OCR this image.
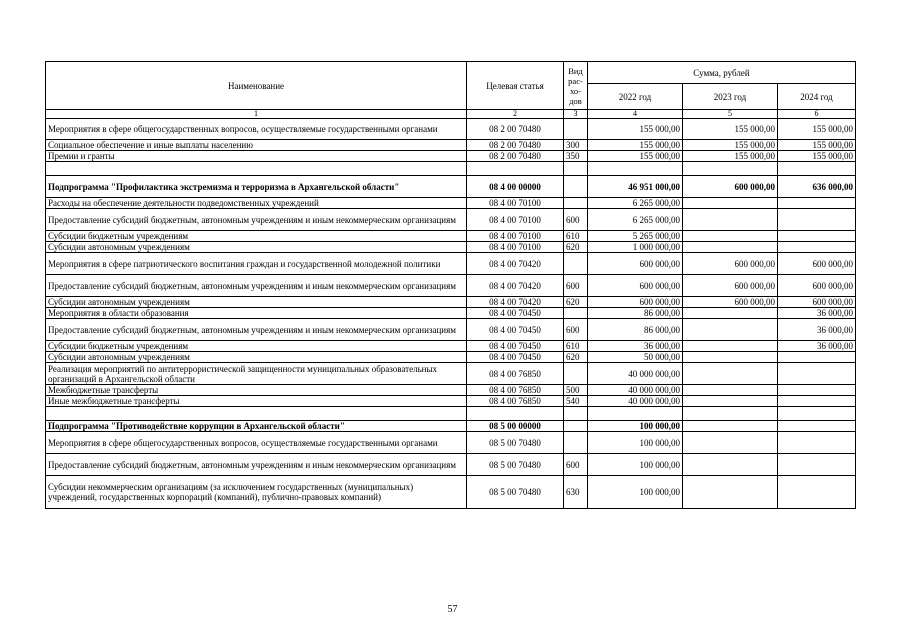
Наименование	Целевая статья	Вид рас- хо- дов	Сумма, рублей		
			2022 год	2023 год	2024 год
1	2	3	4	5	6
Мероприятия в сфере общегосударственных вопросов, осуществляемые государственными органами	08 2 00 70480		155 000,00	155 000,00	155 000,00
Социальное обеспечение и иные выплаты населению	08 2 00 70480	300	155 000,00	155 000,00	155 000,00
Премии и гранты	08 2 00 70480	350	155 000,00	155 000,00	155 000,00

Подпрограмма "Профилактика экстремизма и терроризма в Архангельской области"	08 4 00 00000		46 951 000,00	600 000,00	636 000,00
Расходы на обеспечение деятельности подведомственных учреждений	08 4 00 70100		6 265 000,00		
Предоставление субсидий бюджетным, автономным учреждениям и иным некоммерческим организациям	08 4 00 70100	600	6 265 000,00		
Субсидии бюджетным учреждениям	08 4 00 70100	610	5 265 000,00		
Субсидии автономным учреждениям	08 4 00 70100	620	1 000 000,00		
Мероприятия в сфере патриотического воспитания граждан и государственной молодежной политики	08 4 00 70420		600 000,00	600 000,00	600 000,00
Предоставление субсидий бюджетным, автономным учреждениям и иным некоммерческим организациям	08 4 00 70420	600	600 000,00	600 000,00	600 000,00
Субсидии автономным учреждениям	08 4 00 70420	620	600 000,00	600 000,00	600 000,00
Мероприятия в области образования	08 4 00 70450		86 000,00		36 000,00
Предоставление субсидий бюджетным, автономным учреждениям и иным некоммерческим организациям	08 4 00 70450	600	86 000,00		36 000,00
Субсидии бюджетным учреждениям	08 4 00 70450	610	36 000,00		36 000,00
Субсидии автономным учреждениям	08 4 00 70450	620	50 000,00		
Реализация мероприятий по антитеррористической защищенности муниципальных образовательных организаций в Архангельской области	08 4 00 76850		40 000 000,00		
Межбюджетные трансферты	08 4 00 76850	500	40 000 000,00		
Иные межбюджетные трансферты	08 4 00 76850	540	40 000 000,00		

Подпрограмма "Противодействие коррупции в Архангельской области"	08 5 00 00000		100 000,00		
Мероприятия в сфере общегосударственных вопросов, осуществляемые государственными органами	08 5 00 70480		100 000,00		
Предоставление субсидий бюджетным, автономным учреждениям и иным некоммерческим организациям	08 5 00 70480	600	100 000,00		
Субсидии некоммерческим организациям (за исключением государственных (муниципальных) учреждений, государственных корпораций (компаний), публично-правовых компаний)	08 5 00 70480	630	100 000,00		
57
